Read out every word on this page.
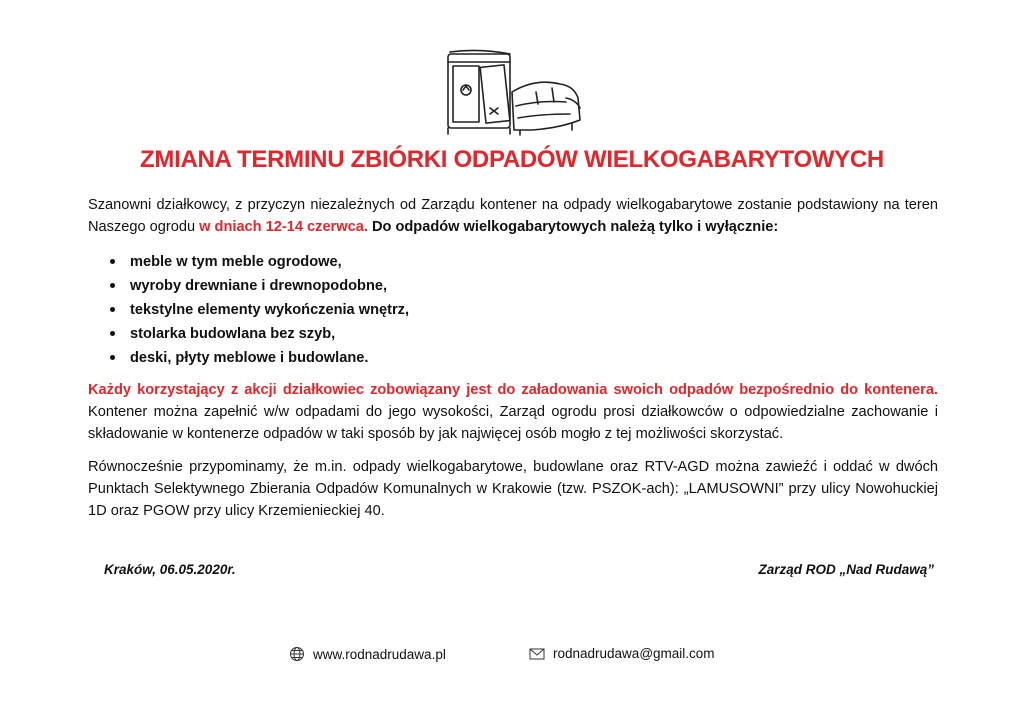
ZMIANA TERMINU ZBIÓRKI ODPADÓW WIELKOGABARYTOWYCH

Szanowni działkowcy, z przyczyn niezależnych od Zarządu kontener na odpady wielkogabarytowe zostanie podstawiony na teren Naszego ogrodu w dniach 12-14 czerwca. Do odpadów wielkogabarytowych należą tylko i wyłącznie:

meble w tym meble ogrodowe,
wyroby drewniane i drewnopodobne,
tekstylne elementy wykończenia wnętrz,
stolarka budowlana bez szyb,
deski, płyty meblowe i budowlane.

Każdy korzystający z akcji działkowiec zobowiązany jest do załadowania swoich odpadów bezpośrednio do kontenera. Kontener można zapełnić w/w odpadami do jego wysokości, Zarząd ogrodu prosi działkowców o odpowiedzialne zachowanie i składowanie w kontenerze odpadów w taki sposób by jak najwięcej osób mogło z tej możliwości skorzystać.

Równocześnie przypominamy, że m.in. odpady wielkogabarytowe, budowlane oraz RTV-AGD można zawieźć i oddać w dwóch Punktach Selektywnego Zbierania Odpadów Komunalnych w Krakowie (tzw. PSZOK-ach): „LAMUSOWNI” przy ulicy Nowohuckiej 1D oraz PGOW przy ulicy Krzemienieckiej 40.

Kraków, 06.05.2020r.	Zarząd ROD „Nad Rudawą”
www.rodnadrudawa.pl	rodnadrudawa@gmail.com
